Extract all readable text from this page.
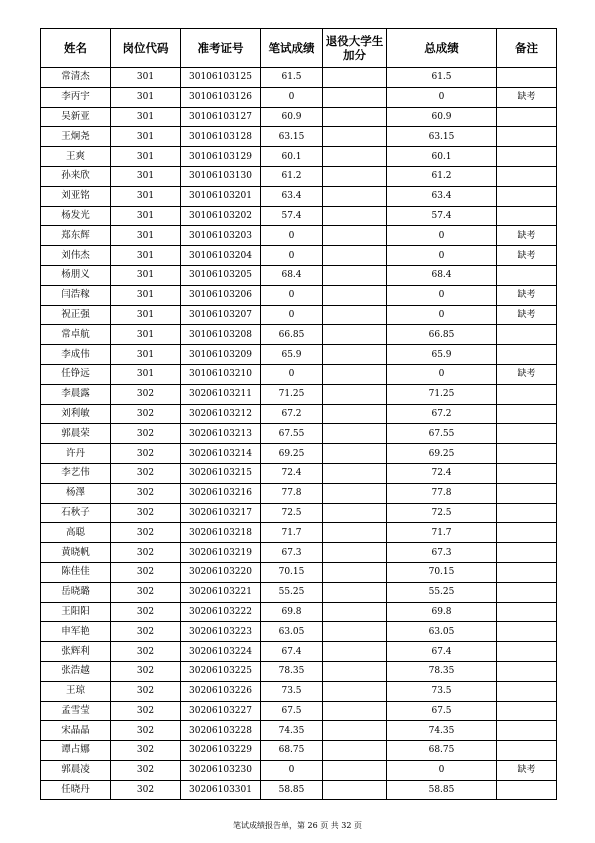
姓名	岗位代码	准考证号	笔试成绩	退役大学生加分	总成绩	备注
常清杰	301	30106103125	61.5		61.5	
李丙宇	301	30106103126	0		0	缺考
吴新亚	301	30106103127	60.9		60.9	
王炯尧	301	30106103128	63.15		63.15	
王爽	301	30106103129	60.1		60.1	
孙来欣	301	30106103130	61.2		61.2	
刘亚铭	301	30106103201	63.4		63.4	
杨发光	301	30106103202	57.4		57.4	
郑东辉	301	30106103203	0		0	缺考
刘伟杰	301	30106103204	0		0	缺考
杨朋义	301	30106103205	68.4		68.4	
闫浩稼	301	30106103206	0		0	缺考
祝正强	301	30106103207	0		0	缺考
常卓航	301	30106103208	66.85		66.85	
李成伟	301	30106103209	65.9		65.9	
任铮远	301	30106103210	0		0	缺考
李晨露	302	30206103211	71.25		71.25	
刘利敏	302	30206103212	67.2		67.2	
郭晨荣	302	30206103213	67.55		67.55	
许丹	302	30206103214	69.25		69.25	
李艺伟	302	30206103215	72.4		72.4	
杨澤	302	30206103216	77.8		77.8	
石秋子	302	30206103217	72.5		72.5	
高聪	302	30206103218	71.7		71.7	
黄晓帆	302	30206103219	67.3		67.3	
陈佳佳	302	30206103220	70.15		70.15	
岳晓璐	302	30206103221	55.25		55.25	
王阳阳	302	30206103222	69.8		69.8	
申军艳	302	30206103223	63.05		63.05	
张辉利	302	30206103224	67.4		67.4	
张浩越	302	30206103225	78.35		78.35	
王琼	302	30206103226	73.5		73.5	
孟雪莹	302	30206103227	67.5		67.5	
宋晶晶	302	30206103228	74.35		74.35	
谭占娜	302	30206103229	68.75		68.75	
郭晨凌	302	30206103230	0		0	缺考
任晓丹	302	30206103301	58.85		58.85	
笔试成绩报告单，第 26 页 共 32 页
